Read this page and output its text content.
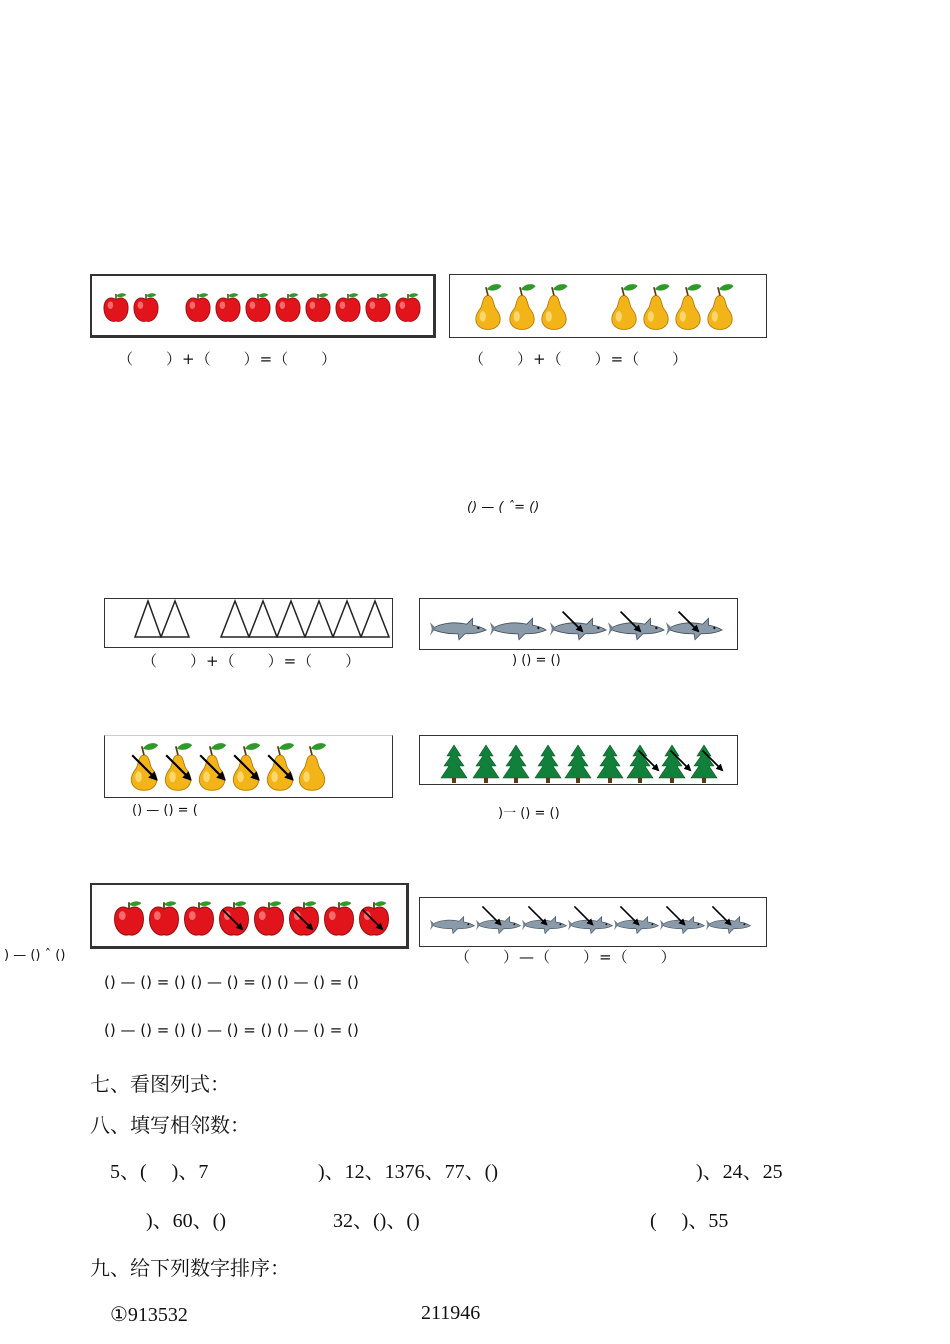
（　　）+（　　）=（　　）	（　　）+（　　）=（　　）
() — ( ˆ= ()
（　　）+（　　）=（　　）	) () = ()
() — () = (	)一 () = ()
) — () ˆ ()	（　　）—（　　）=（　　）
() — () = () () — () = () () — () = ()
() — () = () () — () = () () — () = ()
七、看图列式：
八、填写相邻数：
5、(　 )、7	)、12、1376、77、()	)、24、25
)、60、()	32、()、()	(　 )、55
九、给下列数字排序：
①913532	211946
